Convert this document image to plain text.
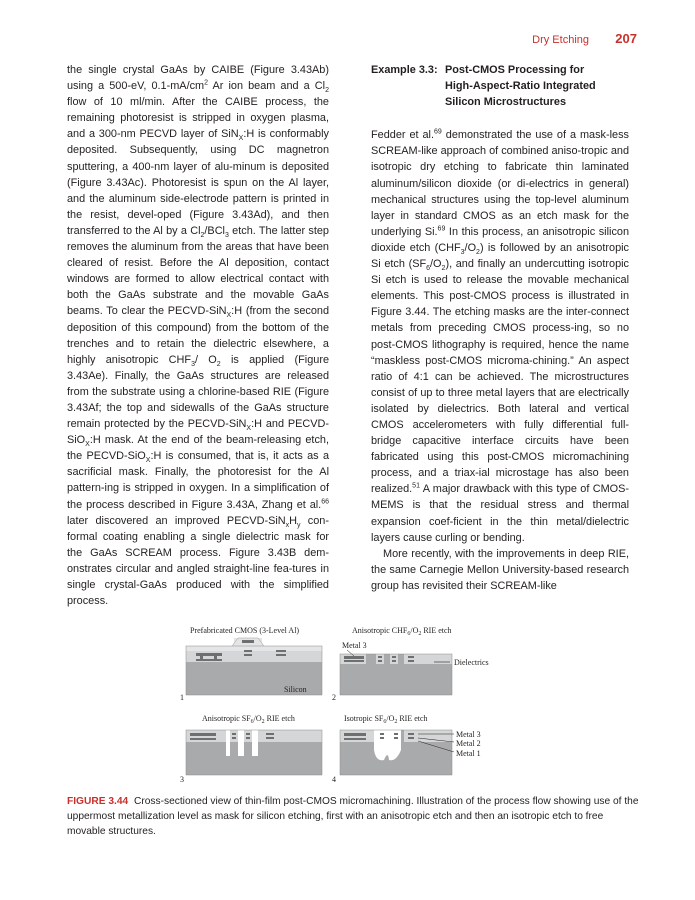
Dry Etching 207

the single crystal GaAs by CAIBE (Figure 3.43Ab) using a 500-eV, $0.1-mA/cm^2$ Ar ion beam and a $Cl_2$ flow of 10 ml/min. After the CAIBE process, the remaining photoresist is stripped in oxygen plasma, and a 300-nm PECVD layer of SiN$_X$:H is conformably deposited. Subsequently, using DC magnetron sputtering, a 400-nm layer of alu-minum is deposited (Figure 3.43Ac). Photoresist is spun on the Al layer, and the aluminum side-electrode pattern is printed in the resist, devel-oped (Figure 3.43Ad), and then transferred to the Al by a $Cl_2/BCl_3$ etch. The latter step removes the aluminum from the areas that have been cleared of resist. Before the Al deposition, contact windows are formed to allow electrical contact with both the GaAs substrate and the movable GaAs beams. To clear the PECVD-SiN$_X$:H (from the second deposition of this compound) from the bottom of the trenches and to retain the dielectric elsewhere, a highly anisotropic $CHF_3/$ $O_2$ is applied (Figure 3.43Ae). Finally, the GaAs structures are released from the substrate using a chlorine-based RIE (Figure 3.43Af; the top and sidewalls of the GaAs structure remain protected by the PECVD-SiN$_X$:H and PECVD-SiO$_X$:H mask. At the end of the beam-releasing etch, the PECVD-SiO$_X$:H is consumed, that is, it acts as a sacrificial mask. Finally, the photoresist for the Al pattern-ing is stripped in oxygen. In a simplification of the process described in Figure 3.43A, Zhang et al.$^{66}$ later discovered an improved PECVD-$SiN_xH_y$ con-formal coating enabling a single dielectric mask for the GaAs SCREAM process. Figure 3.43B dem-onstrates circular and angled straight-line fea-tures in single crystal-GaAs produced with the simplified process.

Example 3.3: Post-CMOS Processing for
High-Aspect-Ratio Integrated
Silicon Microstructures

Fedder et al.$^{69}$ demonstrated the use of a mask-less SCREAM-like approach of combined aniso-tropic and isotropic dry etching to fabricate thin laminated aluminum/silicon dioxide (or di-electrics in general) mechanical structures using the top-level aluminum layer in standard CMOS as an etch mask for the underlying Si.$^{69}$ In this process, an anisotropic silicon dioxide etch $(CHF_3/O_2)$ is followed by an anisotropic Si etch $(SF_6/O_2)$, and finally an undercutting isotropic Si etch is used to release the movable mechanical elements. This post-CMOS process is illustrated in Figure 3.44. The etching masks are the inter-connect metals from preceding CMOS process-ing, so no post-CMOS lithography is required, hence the name “maskless post-CMOS microma-chining.” An aspect ratio of 4:1 can be achieved. The microstructures consist of up to three metal layers that are electrically isolated by dielectrics. Both lateral and vertical CMOS accelerometers with fully differential full-bridge capacitive interface circuits have been fabricated using this post-CMOS micromachining process, and a triax-ial microstage has also been realized.$^{51}$ A major drawback with this type of CMOS-MEMS is that the residual stress and thermal expansion coef-ficient in the thin metal/dielectric layers cause curling or bending.

More recently, with the improvements in deep RIE, the same Carnegie Mellon University-based research group has revisited their SCREAM-like

Prefabricated CMOS (3-Level Al)
Silicon
1
Anisotropic $CHF_6/O_2$ RIE etch
Metal 3
Dielectrics
2
Anisotropic $SF_6/O_2$ RIE etch
3
Isotropic $SF_6/O_2$ RIE etch
Metal 3
Metal 2
Metal 1
4
FIGURE 3.44 Cross-sectioned view of thin-film post-CMOS micromachining. Illustration of the process flow showing use of the uppermost metallization level as mask for silicon etching, first with an anisotropic etch and then an isotropic etch to free movable structures.
